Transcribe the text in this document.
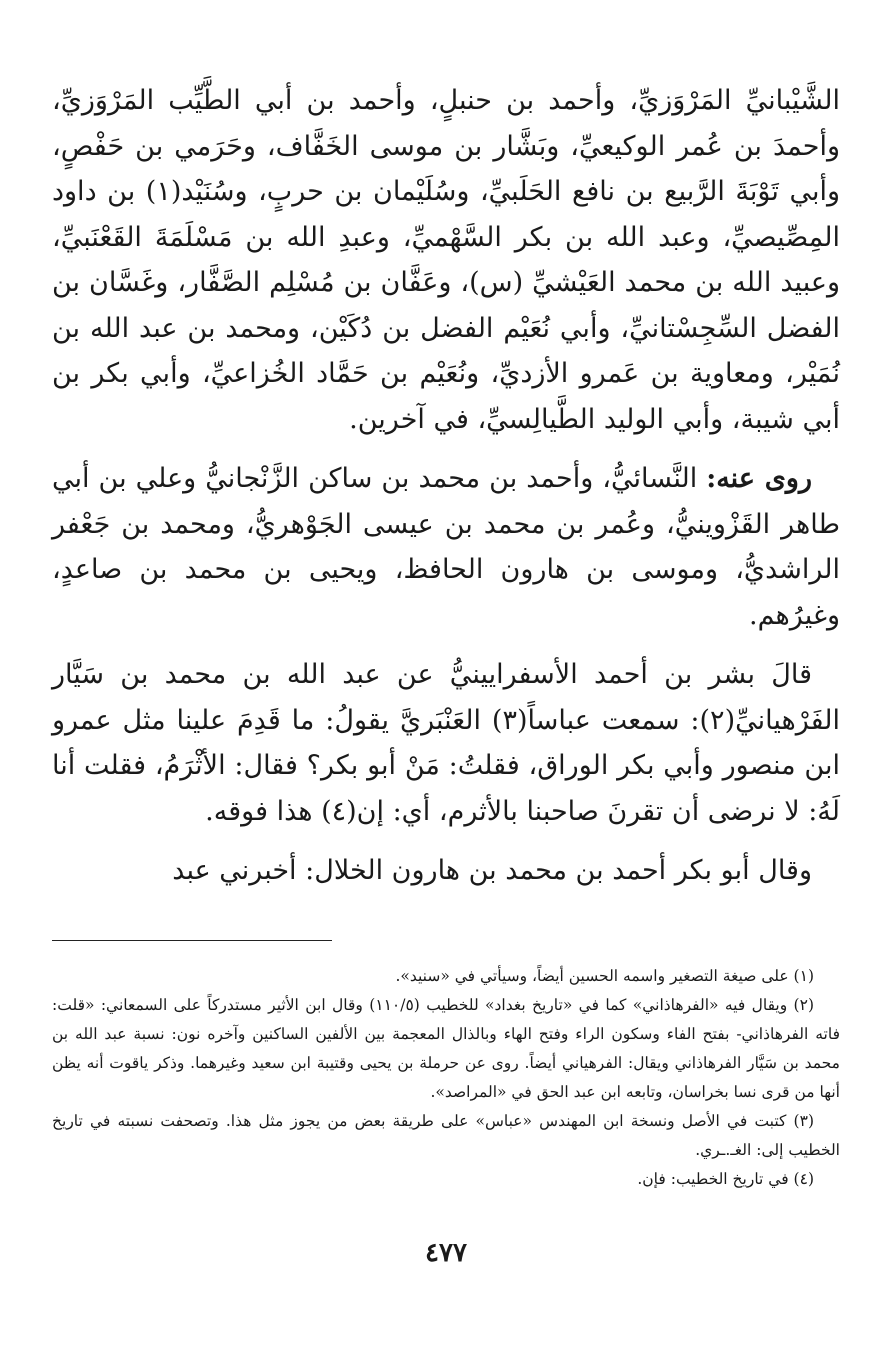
الشَّيْبانيِّ المَرْوَزيِّ، وأحمد بن حنبلٍ، وأحمد بن أبي الطَّيِّب المَرْوَزيِّ، وأحمدَ بن عُمر الوكيعيِّ، وبَشَّار بن موسى الخَفَّاف، وحَرَمي بن حَفْصٍ، وأبي تَوْبَةَ الرَّبيع بن نافع الحَلَبيِّ، وسُلَيْمان بن حربٍ، وسُنَيْد(١) بن داود المِصِّيصيِّ، وعبد الله بن بكر السَّهْميِّ، وعبدِ الله بن مَسْلَمَةَ القَعْنَبيِّ، وعبيد الله بن محمد العَيْشيِّ (س)، وعَفَّان بن مُسْلِم الصَّفَّار، وغَسَّان بن الفضل السِّجِسْتانيِّ، وأبي نُعَيْم الفضل بن دُكَيْن، ومحمد بن عبد الله بن نُمَيْر، ومعاوية بن عَمرو الأزديِّ، ونُعَيْم بن حَمَّاد الخُزاعيِّ، وأبي بكر بن أبي شيبة، وأبي الوليد الطَّيالِسيِّ، في آخرين.

روى عنه: النَّسائيُّ، وأحمد بن محمد بن ساكن الزَّنْجانيُّ وعلي بن أبي طاهر القَزْوينيُّ، وعُمر بن محمد بن عيسى الجَوْهريُّ، ومحمد بن جَعْفر الراشديُّ، وموسى بن هارون الحافظ، ويحيى بن محمد بن صاعدٍ، وغيرُهم.

قالَ بشر بن أحمد الأسفرايينيُّ عن عبد الله بن محمد بن سَيَّار الفَرْهيانيِّ(٢): سمعت عباساً(٣) العَنْبَريَّ يقولُ: ما قَدِمَ علينا مثل عمرو ابن منصور وأبي بكر الوراق، فقلتُ: مَنْ أبو بكر؟ فقال: الأثْرَمُ، فقلت أنا لَهُ: لا نرضى أن تقرنَ صاحبنا بالأثرم، أي: إن(٤) هذا فوقه.

وقال أبو بكر أحمد بن محمد بن هارون الخلال: أخبرني عبد

(١) على صيغة التصغير واسمه الحسين أيضاً، وسيأتي في «سنيد».

(٢) ويقال فيه «الفرهاذاني» كما في «تاريخ بغداد» للخطيب (١١٠/٥) وقال ابن الأثير مستدركاً على السمعاني: «قلت: فاته الفرهاذاني- بفتح الفاء وسكون الراء وفتح الهاء وبالذال المعجمة بين الألفين الساكنين وآخره نون: نسبة عبد الله بن محمد بن سَيَّار الفرهاذاني ويقال: الفرهياني أيضاً. روى عن حرملة بن يحيى وقتيبة ابن سعيد وغيرهما. وذكر ياقوت أنه يظن أنها من قرى نسا بخراسان، وتابعه ابن عبد الحق في «المراصد».

(٣) كتبت في الأصل ونسخة ابن المهندس «عباس» على طريقة بعض من يجوز مثل هذا. وتصحفت نسبته في تاريخ الخطيب إلى: الغـ.ـري.

(٤) في تاريخ الخطيب: فإن.

٤٧٧
